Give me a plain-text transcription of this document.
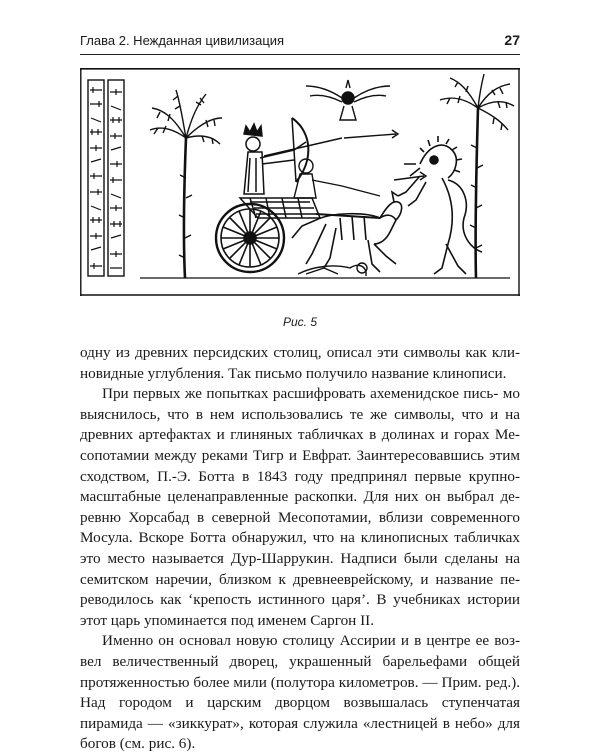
Глава 2. Нежданная цивилизация	27
Рис. 5

одну из древних персидских столиц, описал эти символы как кли- новидные углубления. Так письмо получило название клинописи.

При первых же попытках расшифровать ахеменидское пись- мо выяснилось, что в нем использовались те же символы, что и на древних артефактах и глиняных табличках в долинах и горах Ме- сопотамии между реками Тигр и Евфрат. Заинтересовавшись этим сходством, П.-Э. Ботта в 1843 году предпринял первые крупно- масштабные целенаправленные раскопки. Для них он выбрал де- ревню Хорсабад в северной Месопотамии, вблизи современного Мосула. Вскоре Ботта обнаружил, что на клинописных табличках это место называется Дур-Шаррукин. Надписи были сделаны на семитском наречии, близком к древнееврейскому, и название пе- реводилось как ‘крепость истинного царя’. В учебниках истории этот царь упоминается под именем Саргон II.

Именно он основал новую столицу Ассирии и в центре ее воз- вел величественный дворец, украшенный барельефами общей протяженностью более мили (полутора километров. — Прим. ред.). Над городом и царским дворцом возвышалась ступенчатая пирамида — «зиккурат», которая служила «лестницей в небо» для богов (см. рис. 6).
